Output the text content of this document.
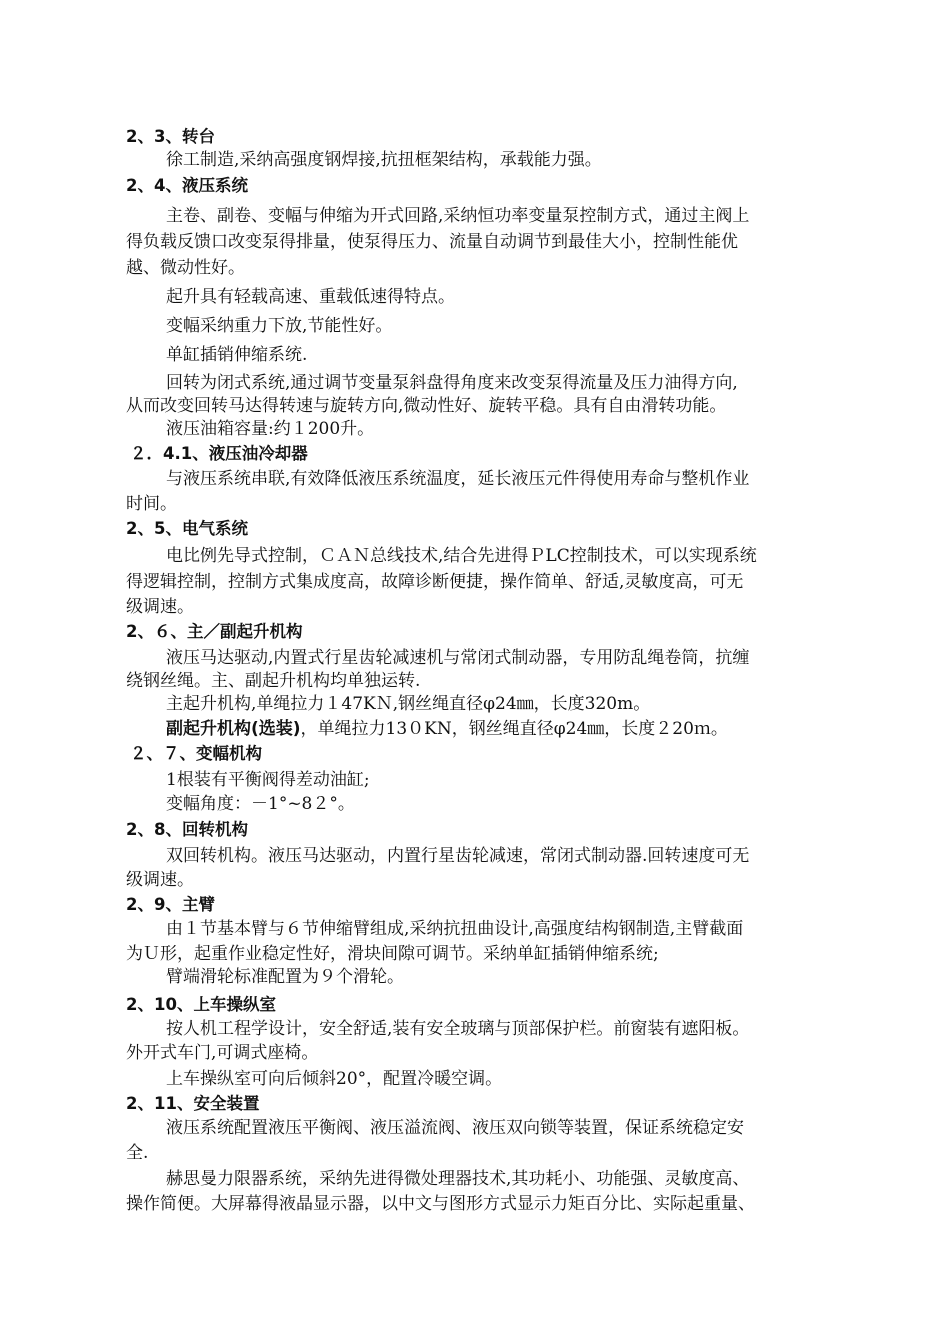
2、3、转台
徐工制造,采纳高强度钢焊接,抗扭框架结构，承载能力强。
2、4、液压系统
主卷、副卷、变幅与伸缩为开式回路,采纳恒功率变量泵控制方式，通过主阀上
得负载反馈口改变泵得排量，使泵得压力、流量自动调节到最佳大小，控制性能优
越、微动性好。
起升具有轻载高速、重载低速得特点。
变幅采纳重力下放,节能性好。
单缸插销伸缩系统.
回转为闭式系统,通过调节变量泵斜盘得角度来改变泵得流量及压力油得方向,
从而改变回转马达得转速与旋转方向,微动性好、旋转平稳。具有自由滑转功能。
液压油箱容量:约１200升。
２．4.1、液压油冷却器
与液压系统串联,有效降低液压系统温度，延长液压元件得使用寿命与整机作业
时间。
2、5、电气系统
电比例先导式控制，ＣＡＮ总线技术,结合先进得ＰLC控制技术，可以实现系统
得逻辑控制，控制方式集成度高，故障诊断便捷，操作简单、舒适,灵敏度高，可无
级调速。
2、６、主／副起升机构
液压马达驱动,内置式行星齿轮减速机与常闭式制动器，专用防乱绳卷筒，抗缠
绕钢丝绳。主、副起升机构均单独运转.
主起升机构,单绳拉力１47KＮ,钢丝绳直径φ24㎜，长度320m。
副起升机构(选装)，单绳拉力13０KN，钢丝绳直径φ24㎜，长度２20ｍ。
２、７、变幅机构
1根装有平衡阀得差动油缸;
变幅角度：－1°~8２°。
2、8、回转机构
双回转机构。液压马达驱动，内置行星齿轮减速，常闭式制动器.回转速度可无
级调速。
2、9、主臂
由１节基本臂与６节伸缩臂组成,采纳抗扭曲设计,高强度结构钢制造,主臂截面
为Ｕ形，起重作业稳定性好，滑块间隙可调节。采纳单缸插销伸缩系统;
臂端滑轮标准配置为９个滑轮。
2、10、上车操纵室
按人机工程学设计，安全舒适,装有安全玻璃与顶部保护栏。前窗装有遮阳板。
外开式车门,可调式座椅。
上车操纵室可向后倾斜20°，配置冷暖空调。
2、11、安全装置
液压系统配置液压平衡阀、液压溢流阀、液压双向锁等装置，保证系统稳定安
全.
赫思曼力限器系统，采纳先进得微处理器技术,其功耗小、功能强、灵敏度高、
操作简便。大屏幕得液晶显示器，以中文与图形方式显示力矩百分比、实际起重量、
